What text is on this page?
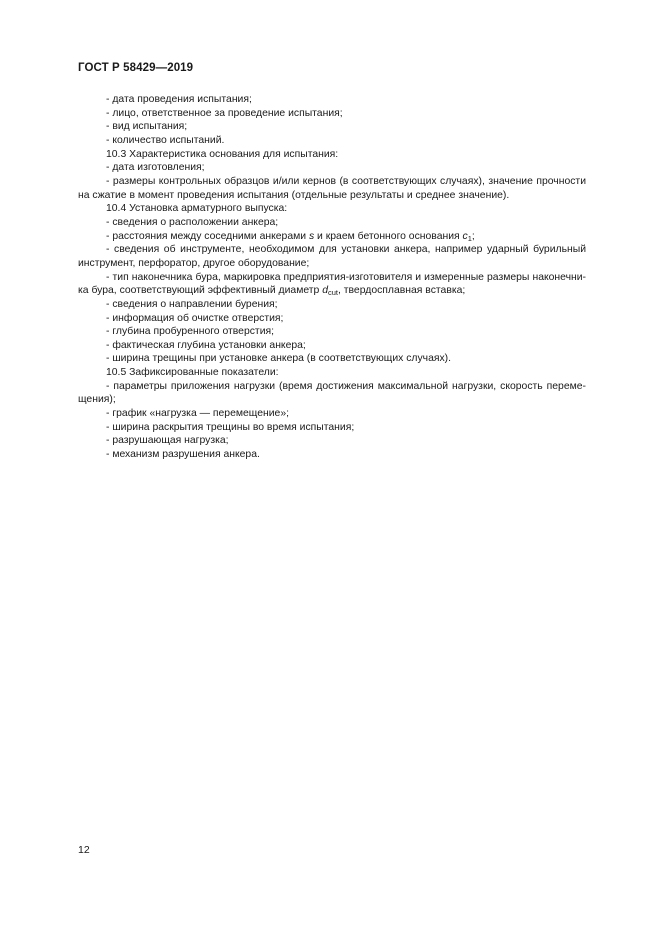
ГОСТ Р 58429—2019
- дата проведения испытания;
- лицо, ответственное за проведение испытания;
- вид испытания;
- количество испытаний.
10.3 Характеристика основания для испытания:
- дата изготовления;
- размеры контрольных образцов и/или кернов (в соответствующих случаях), значение прочности
на сжатие в момент проведения испытания (отдельные результаты и среднее значение).
10.4 Установка арматурного выпуска:
- сведения о расположении анкера;
- расстояния между соседними анкерами s и краем бетонного основания $c_1$;
- сведения об инструменте, необходимом для установки анкера, например ударный бурильный
инструмент, перфоратор, другое оборудование;
- тип наконечника бура, маркировка предприятия-изготовителя и измеренные размеры наконечни-
ка бура, соответствующий эффективный диаметр $d_{cut}$, твердосплавная вставка;
- сведения о направлении бурения;
- информация об очистке отверстия;
- глубина пробуренного отверстия;
- фактическая глубина установки анкера;
- ширина трещины при установке анкера (в соответствующих случаях).
10.5 Зафиксированные показатели:
- параметры приложения нагрузки (время достижения максимальной нагрузки, скорость переме-
щения);
- график «нагрузка — перемещение»;
- ширина раскрытия трещины во время испытания;
- разрушающая нагрузка;
- механизм разрушения анкера.
12
